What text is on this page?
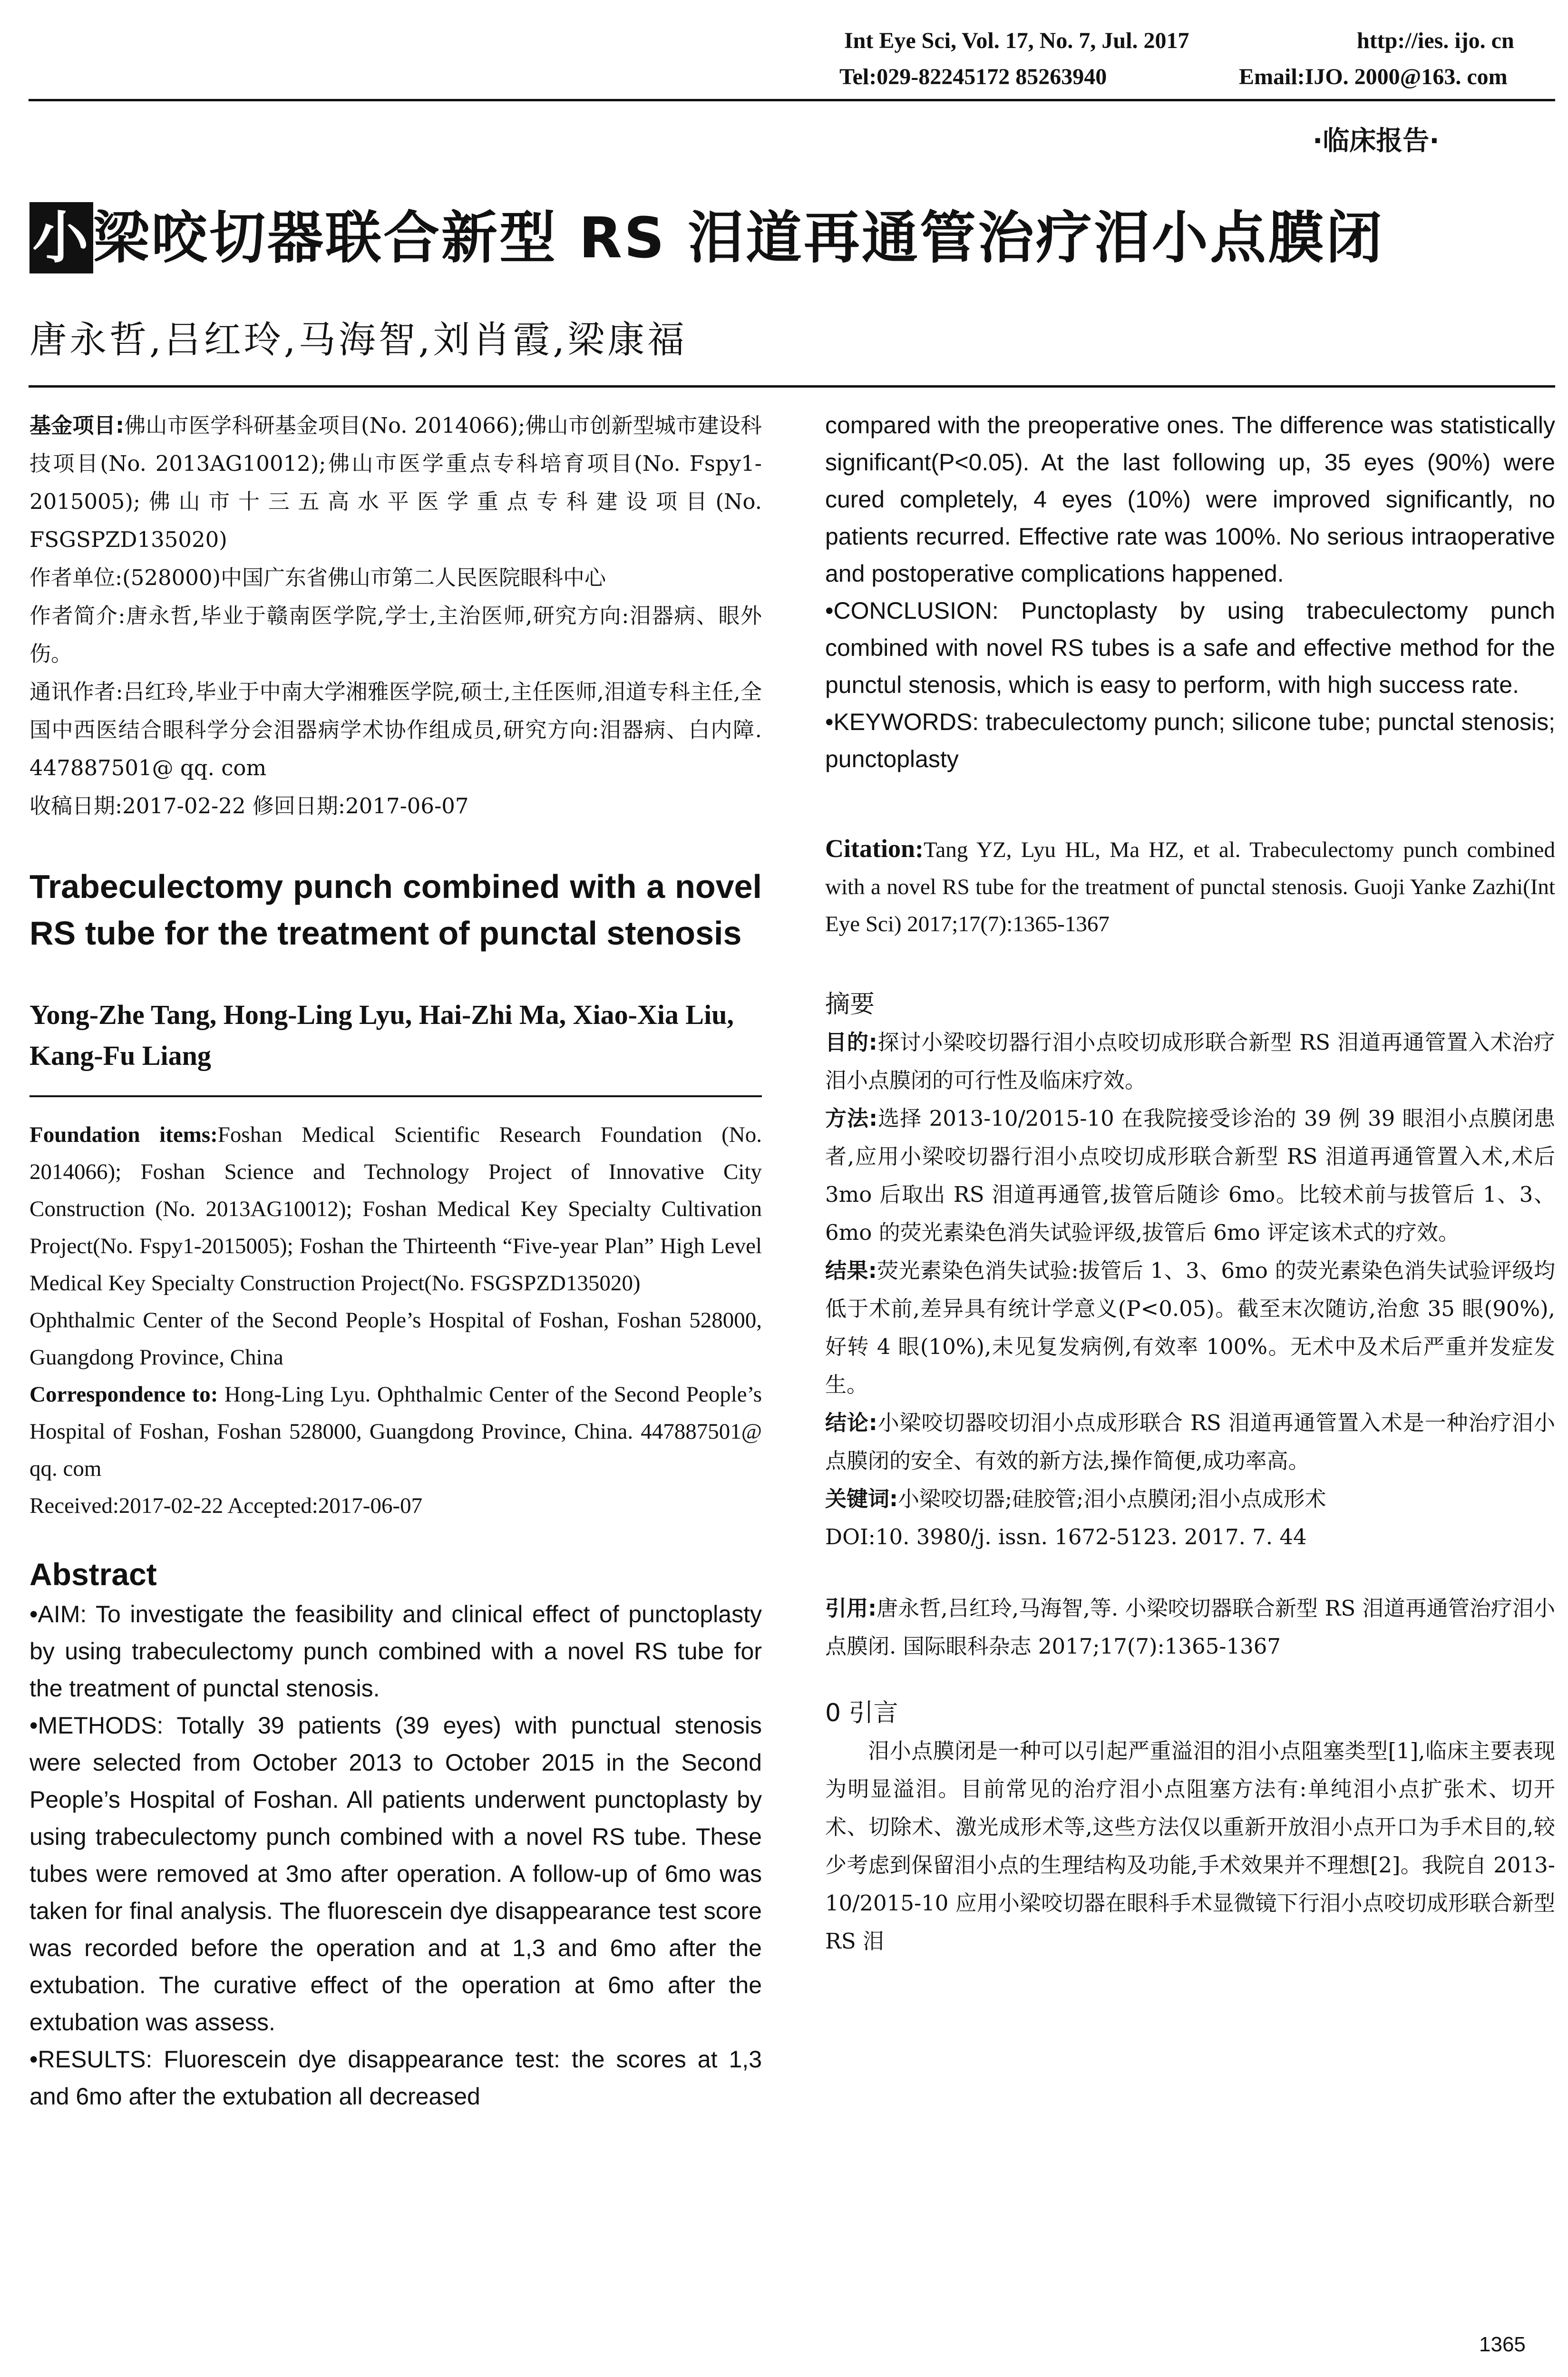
Int Eye Sci, Vol. 17, No. 7, Jul. 2017	http://ies. ijo. cn
Tel:029-82245172 85263940	Email:IJO. 2000@163. com
·临床报告·
小梁咬切器联合新型 RS 泪道再通管治疗泪小点膜闭
唐永哲,吕红玲,马海智,刘肖霞,梁康福

基金项目:佛山市医学科研基金项目(No. 2014066);佛山市创新型城市建设科技项目(No. 2013AG10012);佛山市医学重点专科培育项目(No. Fspy1-2015005);佛山市十三五高水平医学重点专科建设项目(No. FSGSPZD135020)

作者单位:(528000)中国广东省佛山市第二人民医院眼科中心

作者简介:唐永哲,毕业于赣南医学院,学士,主治医师,研究方向:泪器病、眼外伤。

通讯作者:吕红玲,毕业于中南大学湘雅医学院,硕士,主任医师,泪道专科主任,全国中西医结合眼科学分会泪器病学术协作组成员,研究方向:泪器病、白内障. 447887501@ qq. com

收稿日期:2017-02-22 修回日期:2017-06-07

Trabeculectomy punch combined with a novel RS tube for the treatment of punctal stenosis

Yong-Zhe Tang, Hong-Ling Lyu, Hai-Zhi Ma, Xiao-Xia Liu, Kang-Fu Liang

Foundation items:Foshan Medical Scientific Research Foundation (No. 2014066); Foshan Science and Technology Project of Innovative City Construction (No. 2013AG10012); Foshan Medical Key Specialty Cultivation Project(No. Fspy1-2015005); Foshan the Thirteenth “Five-year Plan” High Level Medical Key Specialty Construction Project(No. FSGSPZD135020)

Ophthalmic Center of the Second People’s Hospital of Foshan, Foshan 528000, Guangdong Province, China

Correspondence to: Hong-Ling Lyu. Ophthalmic Center of the Second People’s Hospital of Foshan, Foshan 528000, Guangdong Province, China. 447887501@ qq. com

Received:2017-02-22 Accepted:2017-06-07

Abstract

•AIM: To investigate the feasibility and clinical effect of punctoplasty by using trabeculectomy punch combined with a novel RS tube for the treatment of punctal stenosis.

•METHODS: Totally 39 patients (39 eyes) with punctual stenosis were selected from October 2013 to October 2015 in the Second People’s Hospital of Foshan. All patients underwent punctoplasty by using trabeculectomy punch combined with a novel RS tube. These tubes were removed at 3mo after operation. A follow-up of 6mo was taken for final analysis. The fluorescein dye disappearance test score was recorded before the operation and at 1,3 and 6mo after the extubation. The curative effect of the operation at 6mo after the extubation was assess.

•RESULTS: Fluorescein dye disappearance test: the scores at 1,3 and 6mo after the extubation all decreased

compared with the preoperative ones. The difference was statistically significant(P<0.05). At the last following up, 35 eyes (90%) were cured completely, 4 eyes (10%) were improved significantly, no patients recurred. Effective rate was 100%. No serious intraoperative and postoperative complications happened.

•CONCLUSION: Punctoplasty by using trabeculectomy punch combined with novel RS tubes is a safe and effective method for the punctul stenosis, which is easy to perform, with high success rate.

•KEYWORDS: trabeculectomy punch; silicone tube; punctal stenosis; punctoplasty

Citation:Tang YZ, Lyu HL, Ma HZ, et al. Trabeculectomy punch combined with a novel RS tube for the treatment of punctal stenosis. Guoji Yanke Zazhi(Int Eye Sci) 2017;17(7):1365-1367

摘要

目的:探讨小梁咬切器行泪小点咬切成形联合新型 RS 泪道再通管置入术治疗泪小点膜闭的可行性及临床疗效。

方法:选择 2013-10/2015-10 在我院接受诊治的 39 例 39 眼泪小点膜闭患者,应用小梁咬切器行泪小点咬切成形联合新型 RS 泪道再通管置入术,术后 3mo 后取出 RS 泪道再通管,拔管后随诊 6mo。比较术前与拔管后 1、3、6mo 的荧光素染色消失试验评级,拔管后 6mo 评定该术式的疗效。

结果:荧光素染色消失试验:拔管后 1、3、6mo 的荧光素染色消失试验评级均低于术前,差异具有统计学意义(P<0.05)。截至末次随访,治愈 35 眼(90%),好转 4 眼(10%),未见复发病例,有效率 100%。无术中及术后严重并发症发生。

结论:小梁咬切器咬切泪小点成形联合 RS 泪道再通管置入术是一种治疗泪小点膜闭的安全、有效的新方法,操作简便,成功率高。

关键词:小梁咬切器;硅胶管;泪小点膜闭;泪小点成形术

DOI:10. 3980/j. issn. 1672-5123. 2017. 7. 44

引用:唐永哲,吕红玲,马海智,等. 小梁咬切器联合新型 RS 泪道再通管治疗泪小点膜闭. 国际眼科杂志 2017;17(7):1365-1367

0 引言

泪小点膜闭是一种可以引起严重溢泪的泪小点阻塞类型[1],临床主要表现为明显溢泪。目前常见的治疗泪小点阻塞方法有:单纯泪小点扩张术、切开术、切除术、激光成形术等,这些方法仅以重新开放泪小点开口为手术目的,较少考虑到保留泪小点的生理结构及功能,手术效果并不理想[2]。我院自 2013-10/2015-10 应用小梁咬切器在眼科手术显微镜下行泪小点咬切成形联合新型 RS 泪

1365
